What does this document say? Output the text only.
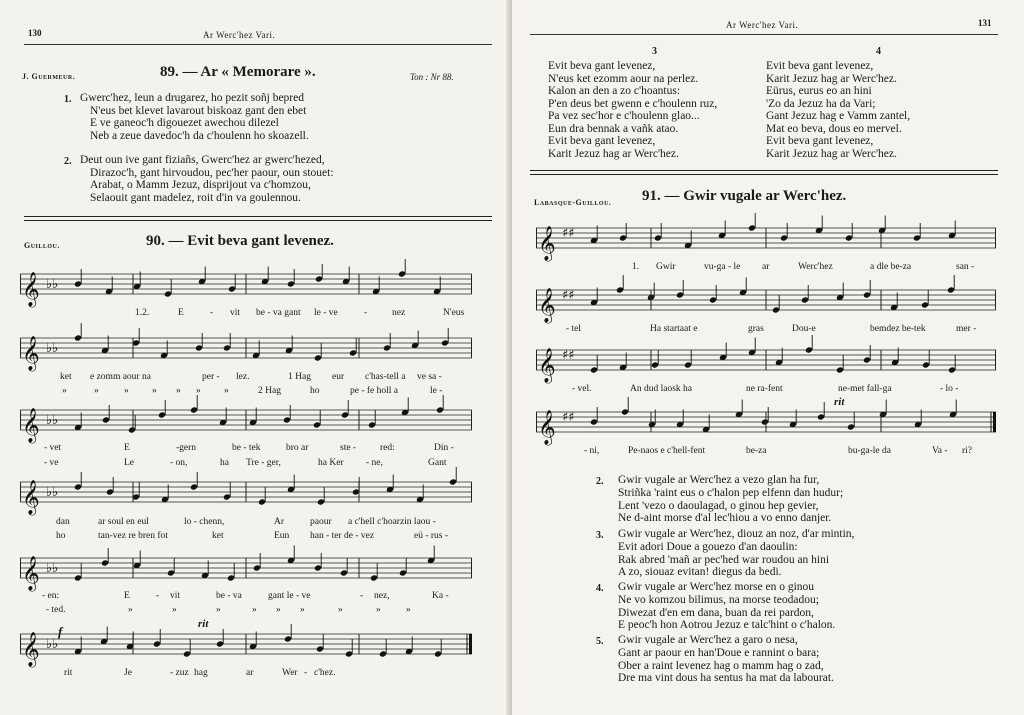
130	Ar Werc'hez Vari.
J. Guermeur.	89. — Ar « Memorare ».	Ton : Nr 88.
1. Gwerc'hez, leun a drugarez, ho pezit soñj bepred
N'eus bet klevet lavarout biskoaz gant den ebet
E ve ganeoc'h digouezet awechou dilezel
Neb a zeue davedoc'h da c'houlenn ho skoazell.
2. Deut oun ive gant fiziañs, Gwerc'hez ar gwerc'hezed,
Dirazoc'h, gant hirvoudou, pec'her paour, oun stouet:
Arabat, o Mamm Jezuz, disprijout va c'homzou,
Selaouit gant madelez, roit d'in va goulennou.
Guillou.	90. — Evit beva gant levenez.
𝄞 ♭♭
1.2.	E	- vit be - va gant le - ve	-	nez	N'eus
𝄞 ♭♭
ket e zomm aour na	per - lez.	1 Hag eur c'has-tell a ve sa -
»	»	» » » » »	2 Hag	ho	pe - fe holl a	le -
𝄞 ♭♭
- vet	E	-gern	be - tek	bro ar	ste -	red:	Din -
- ve	Le	- on,	ha Tre - ger,	ha Ker - ne,	Gant
𝄞 ♭♭
dan	ar soul en eul	lo - chenn,	Ar	paour a c'hell c'hoarzin laou -
ho	tan-vez re bren fot	ket	Eun han - ter de - vez	eü - rus -
𝄞 ♭♭
- en:	E	- vit	be - va	gant le - ve	- nez,	Ka -
- ted.	»	»	»	» » »	»	»	»
rit
f
𝄞 ♭♭
rit	Je	- zuz hag	ar	Wer - c'hez.
Ar Werc'hez Vari.	131
3	4
Evit beva gant levenez,
N'eus ket ezomm aour na perlez.
Kalon an den a zo c'hoantus:
P'en deus bet gwenn e c'houlenn ruz,
Pa vez sec'hor e c'houlenn glao...
Eun dra bennak a vañk atao.
Evit beva gant levenez,
Karit Jezuz hag ar Werc'hez.
Evit beva gant levenez,
Karit Jezuz hag ar Werc'hez.
Eürus, eurus eo an hini
'Zo da Jezuz ha da Vari;
Gant Jezuz hag e Vamm zantel,
Mat eo beva, dous eo mervel.
Evit beva gant levenez,
Karit Jezuz hag ar Werc'hez.
Labasque-Guillou. 91. — Gwir vugale ar Werc'hez.
𝄞 ♯♯
1. Gwir	vu-ga - le ar	Werc'hez	a dle be-za	san -
𝄞 ♯♯
- tel	Ha startaat e	gras	Dou-e	bemdez be-tek	mer -
𝄞 ♯♯
- vel.	An dud laosk ha	ne ra-fent	ne-met fall-ga	- lo -
rit
𝄞 ♯♯
- ni,	Pe-naos e c'hell-fent	be-za	bu-ga-le da	Va - ri?
2. Gwir vugale ar Werc'hez a vezo glan ha fur,
Striñka 'raint eus o c'halon pep elfenn dan hudur;
Lent 'vezo o daoulagad, o ginou hep gevier,
Ne d-aint morse d'al lec'hiou a vo enno danjer.
3. Gwir vugale ar Werc'hez, diouz an noz, d'ar mintin,
Evit adori Doue a gouezo d'an daoulin:
Rak abred 'mañ ar pec'hed war roudou an hini
A zo, siouaz evitan! diegus da bedi.
4. Gwir vugale ar Werc'hez morse en o ginou
Ne vo komzou bilimus, na morse teodadou;
Diwezat d'en em dana, buan da rei pardon,
E peoc'h hon Aotrou Jezuz e talc'hint o c'halon.
5. Gwir vugale ar Werc'hez a garo o nesa,
Gant ar paour en han'Doue e rannint o bara;
Ober a raint levenez hag o mamm hag o zad,
Dre ma vint dous ha sentus ha mat da labourat.
